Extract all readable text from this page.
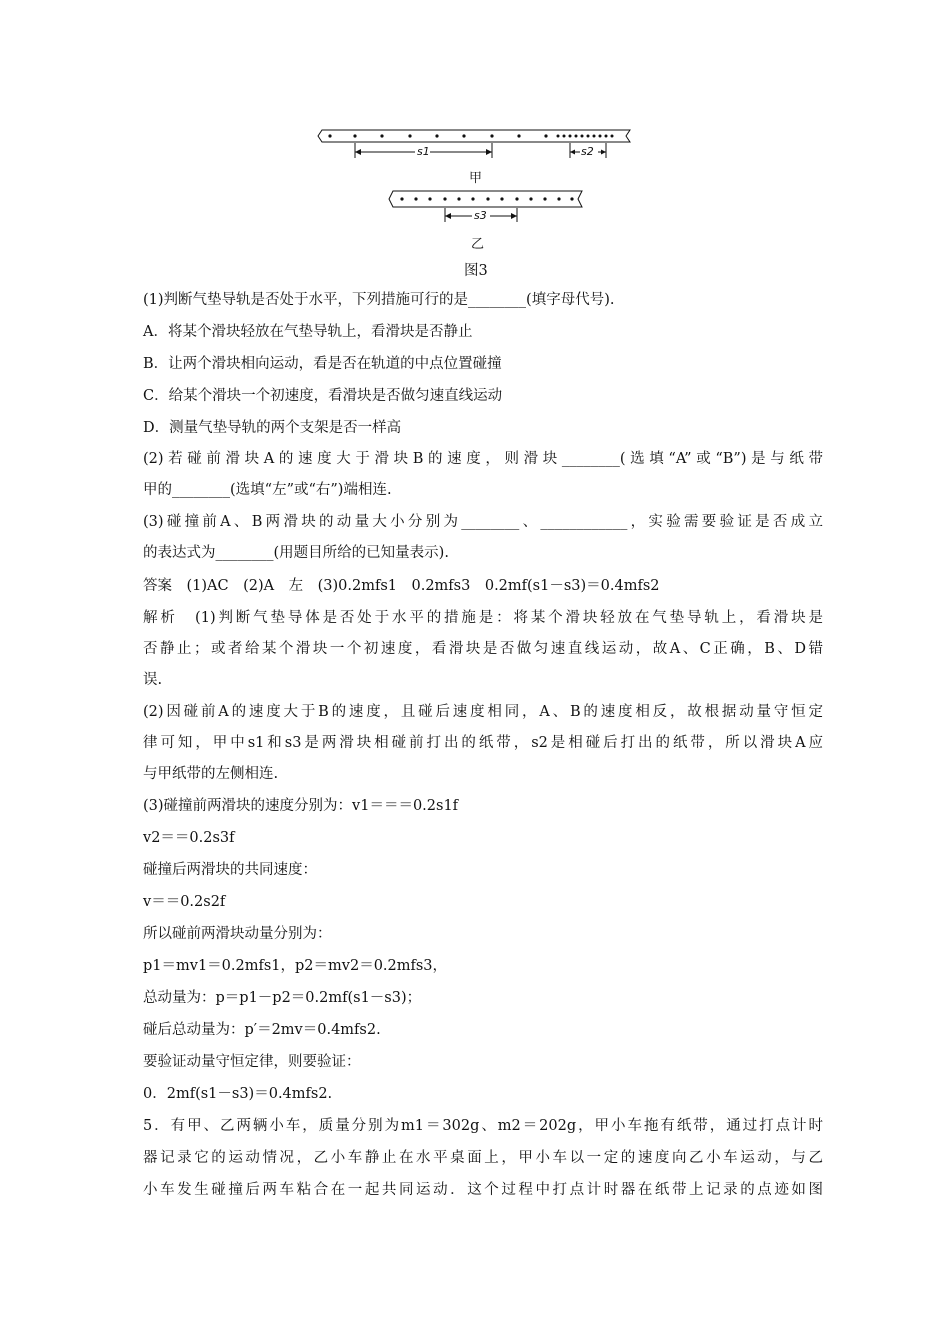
s1	s2
s3
甲
乙
图3
(1)判断气垫导轨是否处于水平，下列措施可行的是________(填字母代号).
A．将某个滑块轻放在气垫导轨上，看滑块是否静止
B．让两个滑块相向运动，看是否在轨道的中点位置碰撞
C．给某个滑块一个初速度，看滑块是否做匀速直线运动
D．测量气垫导轨的两个支架是否一样高
(2)若碰前滑块A的速度大于滑块B的速度，则滑块________(选填“A”或“B”)是与纸带
甲的________(选填“左”或“右”)端相连.
(3)碰撞前A、B两滑块的动量大小分别为________、____________，实验需要验证是否成立
的表达式为________(用题目所给的已知量表示).
答案　(1)AC　(2)A　左　(3)0.2mfs1　0.2mfs3　0.2mf(s1－s3)＝0.4mfs2
解析　(1)判断气垫导体是否处于水平的措施是：将某个滑块轻放在气垫导轨上，看滑块是
否静止；或者给某个滑块一个初速度，看滑块是否做匀速直线运动，故A、C正确，B、D错
误.
(2)因碰前A的速度大于B的速度，且碰后速度相同，A、B的速度相反，故根据动量守恒定
律可知，甲中s1和s3是两滑块相碰前打出的纸带，s2是相碰后打出的纸带，所以滑块A应
与甲纸带的左侧相连.
(3)碰撞前两滑块的速度分别为：v1＝＝＝0.2s1f
v2＝＝0.2s3f
碰撞后两滑块的共同速度：
v＝＝0.2s2f
所以碰前两滑块动量分别为：
p1＝mv1＝0.2mfs1，p2＝mv2＝0.2mfs3，
总动量为：p＝p1－p2＝0.2mf(s1－s3)；
碰后总动量为：p′＝2mv＝0.4mfs2.
要验证动量守恒定律，则要验证：
0．2mf(s1－s3)＝0.4mfs2.
5．有甲、乙两辆小车，质量分别为m1＝302g、m2＝202g，甲小车拖有纸带，通过打点计时
器记录它的运动情况，乙小车静止在水平桌面上，甲小车以一定的速度向乙小车运动，与乙
小车发生碰撞后两车粘合在一起共同运动．这个过程中打点计时器在纸带上记录的点迹如图
